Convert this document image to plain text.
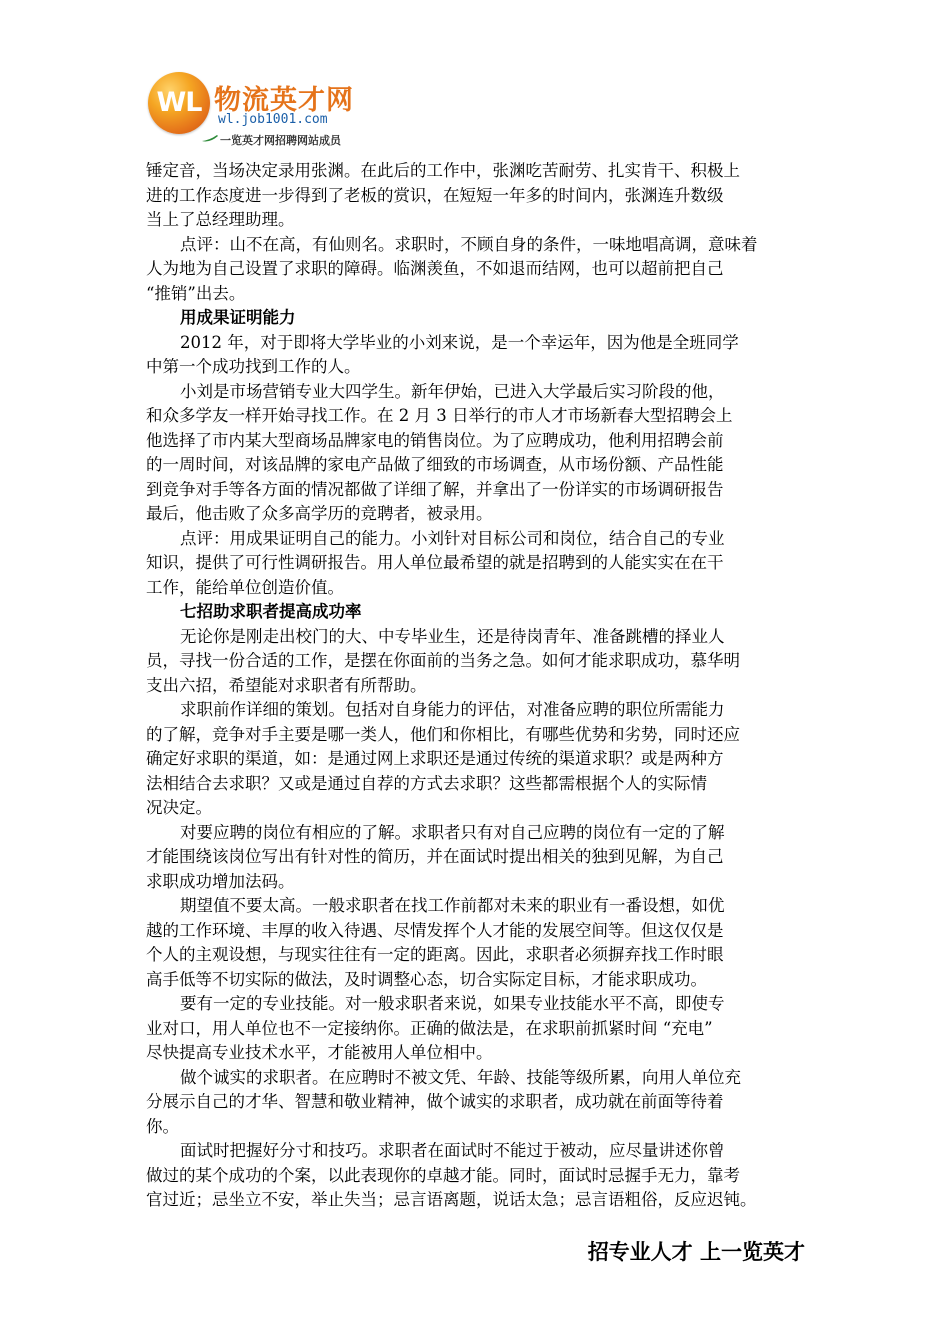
WL 物流英才网
wl.job1001.com
一览英才网招聘网站成员
锤定音，当场决定录用张渊。在此后的工作中，张渊吃苦耐劳、扎实肯干、积极上
进的工作态度进一步得到了老板的赏识，在短短一年多的时间内，张渊连升数级
当上了总经理助理。
点评：山不在高，有仙则名。求职时，不顾自身的条件，一味地唱高调，意味着
人为地为自己设置了求职的障碍。临渊羡鱼，不如退而结网，也可以超前把自己
“推销”出去。
用成果证明能力
2012 年，对于即将大学毕业的小刘来说，是一个幸运年，因为他是全班同学
中第一个成功找到工作的人。
小刘是市场营销专业大四学生。新年伊始，已进入大学最后实习阶段的他，
和众多学友一样开始寻找工作。在 2 月 3 日举行的市人才市场新春大型招聘会上
他选择了市内某大型商场品牌家电的销售岗位。为了应聘成功，他利用招聘会前
的一周时间，对该品牌的家电产品做了细致的市场调查，从市场份额、产品性能
到竞争对手等各方面的情况都做了详细了解，并拿出了一份详实的市场调研报告
最后，他击败了众多高学历的竞聘者，被录用。
点评：用成果证明自己的能力。小刘针对目标公司和岗位，结合自己的专业
知识，提供了可行性调研报告。用人单位最希望的就是招聘到的人能实实在在干
工作，能给单位创造价值。
七招助求职者提高成功率
无论你是刚走出校门的大、中专毕业生，还是待岗青年、准备跳槽的择业人
员，寻找一份合适的工作，是摆在你面前的当务之急。如何才能求职成功，慕华明
支出六招，希望能对求职者有所帮助。
求职前作详细的策划。包括对自身能力的评估，对准备应聘的职位所需能力
的了解，竞争对手主要是哪一类人，他们和你相比，有哪些优势和劣势，同时还应
确定好求职的渠道，如：是通过网上求职还是通过传统的渠道求职？或是两种方
法相结合去求职？又或是通过自荐的方式去求职？这些都需根据个人的实际情
况决定。
对要应聘的岗位有相应的了解。求职者只有对自己应聘的岗位有一定的了解
才能围绕该岗位写出有针对性的简历，并在面试时提出相关的独到见解，为自己
求职成功增加法码。
期望值不要太高。一般求职者在找工作前都对未来的职业有一番设想，如优
越的工作环境、丰厚的收入待遇、尽情发挥个人才能的发展空间等。但这仅仅是
个人的主观设想，与现实往往有一定的距离。因此，求职者必须摒弃找工作时眼
高手低等不切实际的做法，及时调整心态，切合实际定目标，才能求职成功。
要有一定的专业技能。对一般求职者来说，如果专业技能水平不高，即使专
业对口，用人单位也不一定接纳你。正确的做法是，在求职前抓紧时间 “充电”
尽快提高专业技术水平，才能被用人单位相中。
做个诚实的求职者。在应聘时不被文凭、年龄、技能等级所累，向用人单位充
分展示自己的才华、智慧和敬业精神，做个诚实的求职者，成功就在前面等待着
你。
面试时把握好分寸和技巧。求职者在面试时不能过于被动，应尽量讲述你曾
做过的某个成功的个案，以此表现你的卓越才能。同时，面试时忌握手无力，靠考
官过近；忌坐立不安，举止失当；忌言语离题，说话太急；忌言语粗俗，反应迟钝。
招专业人才 上一览英才
